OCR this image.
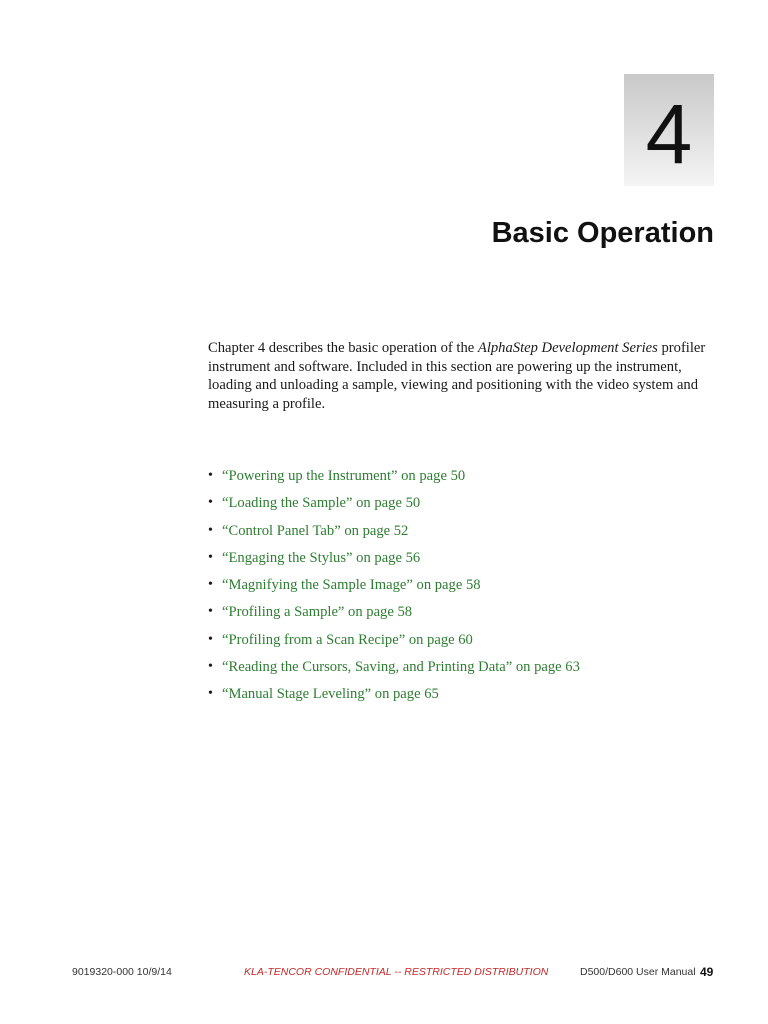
4
Basic Operation

Chapter 4 describes the basic operation of the AlphaStep Development Series profiler instrument and software. Included in this section are powering up the instrument, loading and unloading a sample, viewing and positioning with the video system and measuring a profile.

• “Powering up the Instrument” on page 50
• “Loading the Sample” on page 50
• “Control Panel Tab” on page 52
• “Engaging the Stylus” on page 56
• “Magnifying the Sample Image” on page 58
• “Profiling a Sample” on page 58
• “Profiling from a Scan Recipe” on page 60
• “Reading the Cursors, Saving, and Printing Data” on page 63
• “Manual Stage Leveling” on page 65
9019320-000 10/9/14	KLA-TENCOR CONFIDENTIAL -- RESTRICTED DISTRIBUTION	D500/D600 User Manual 49
